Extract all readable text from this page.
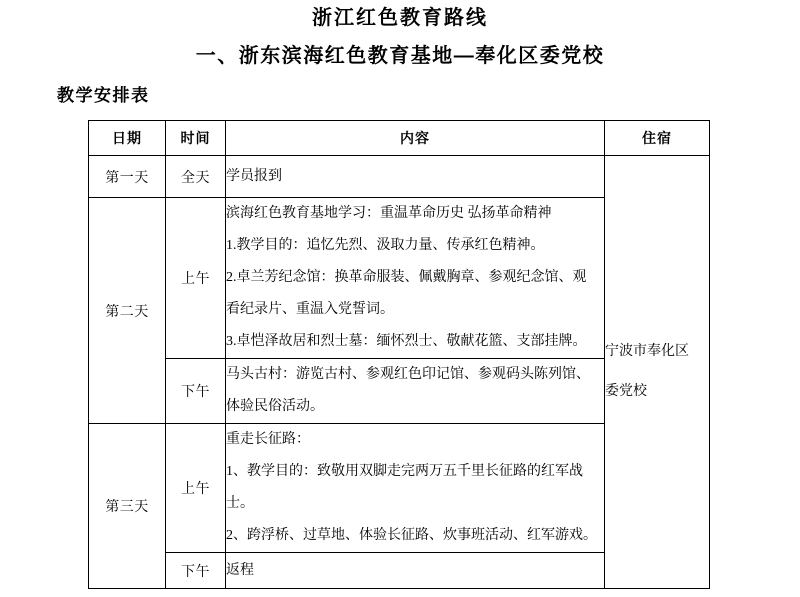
浙江红色教育路线
一、浙东滨海红色教育基地—奉化区委党校
教学安排表
日期	时间	内容	住宿
第一天	全天	学员报到	宁波市奉化区
委党校

第二天	上午	滨海红色教育基地学习：重温革命历史 弘扬革命精神
1.教学目的：追忆先烈、汲取力量、传承红色精神。
2.卓兰芳纪念馆：换革命服装、佩戴胸章、参观纪念馆、观
看纪录片、重温入党誓词。
3.卓恺泽故居和烈士墓：缅怀烈士、敬献花篮、支部挂牌。	

	下午	马头古村：游览古村、参观红色印记馆、参观码头陈列馆、
体验民俗活动。	

第三天	上午	重走长征路：
1、教学目的：致敬用双脚走完两万五千里长征路的红军战
士。
2、跨浮桥、过草地、体验长征路、炊事班活动、红军游戏。	

	下午	返程	
